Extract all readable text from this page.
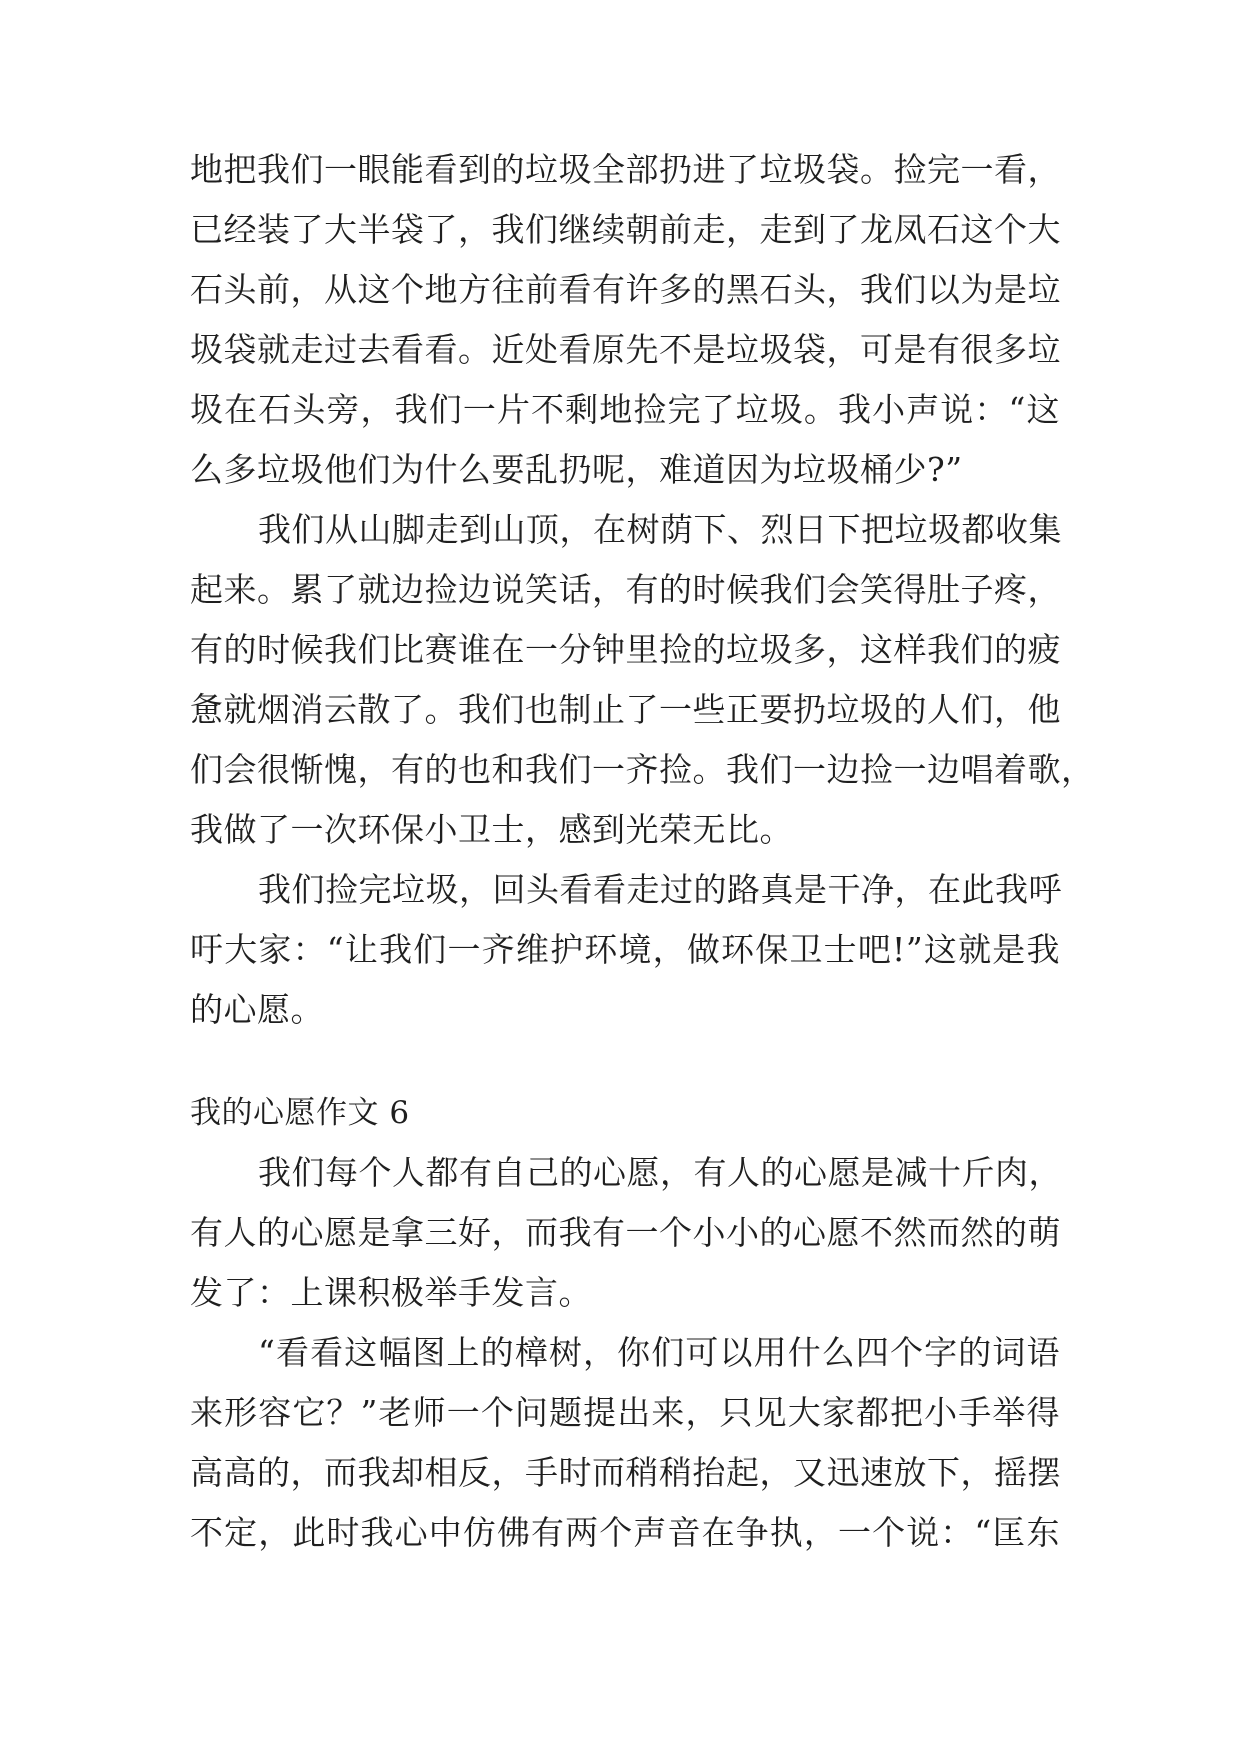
地把我们一眼能看到的垃圾全部扔进了垃圾袋。捡完一看，
已经装了大半袋了，我们继续朝前走，走到了龙凤石这个大
石头前，从这个地方往前看有许多的黑石头，我们以为是垃
圾袋就走过去看看。近处看原先不是垃圾袋，可是有很多垃
圾在石头旁，我们一片不剩地捡完了垃圾。我小声说：“这
么多垃圾他们为什么要乱扔呢，难道因为垃圾桶少?”
我们从山脚走到山顶，在树荫下、烈日下把垃圾都收集
起来。累了就边捡边说笑话，有的时候我们会笑得肚子疼，
有的时候我们比赛谁在一分钟里捡的垃圾多，这样我们的疲
惫就烟消云散了。我们也制止了一些正要扔垃圾的人们，他
们会很惭愧，有的也和我们一齐捡。我们一边捡一边唱着歌，
我做了一次环保小卫士，感到光荣无比。
我们捡完垃圾，回头看看走过的路真是干净，在此我呼
吁大家：“让我们一齐维护环境，做环保卫士吧!”这就是我
的心愿。
我的心愿作文 6
我们每个人都有自己的心愿，有人的心愿是减十斤肉，
有人的心愿是拿三好，而我有一个小小的心愿不然而然的萌
发了：上课积极举手发言。
“看看这幅图上的樟树，你们可以用什么四个字的词语
来形容它？”老师一个问题提出来，只见大家都把小手举得
高高的，而我却相反，手时而稍稍抬起，又迅速放下，摇摆
不定，此时我心中仿佛有两个声音在争执，一个说：“匡东
